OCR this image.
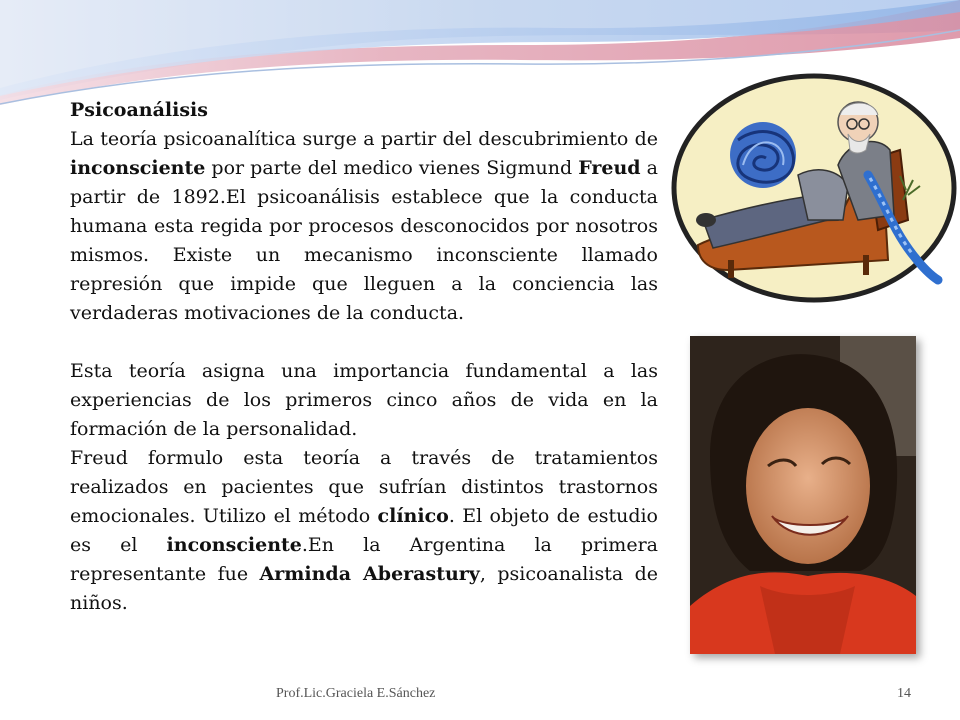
Psicoanálisis

La teoría psicoanalítica surge a partir del descubrimiento de inconsciente por parte del medico vienes Sigmund Freud a partir de 1892.El psicoanálisis establece que la conducta humana esta regida por procesos desconocidos por nosotros mismos. Existe un mecanismo inconsciente llamado represión que impide que lleguen a la conciencia las verdaderas motivaciones de la conducta.

Esta teoría asigna una importancia fundamental a las experiencias de los primeros cinco años de vida en la formación de la personalidad.

Freud formulo esta teoría a través de tratamientos realizados en pacientes que sufrían distintos trastornos emocionales. Utilizo el método clínico. El objeto de estudio es el inconsciente.En la Argentina la primera representante fue Arminda Aberastury, psicoanalista de niños.

Prof.Lic.Graciela E.Sánchez	14
